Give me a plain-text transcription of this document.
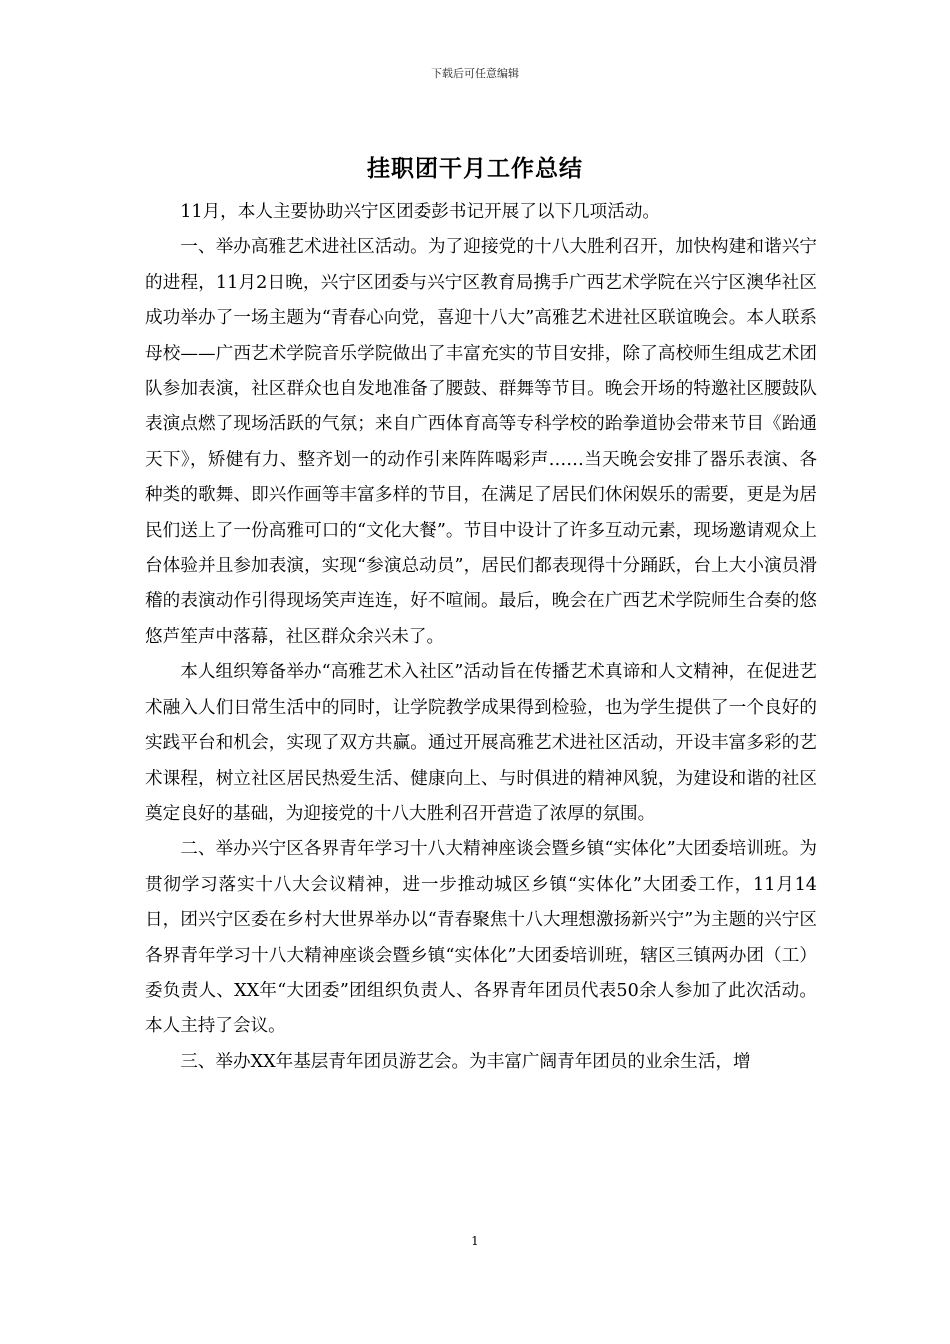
下载后可任意编辑
挂职团干月工作总结

11月，本人主要协助兴宁区团委彭书记开展了以下几项活动。

一、举办高雅艺术进社区活动。为了迎接党的十八大胜利召开，加快构建和谐兴宁的进程，11月2日晚，兴宁区团委与兴宁区教育局携手广西艺术学院在兴宁区澳华社区成功举办了一场主题为“青春心向党，喜迎十八大”高雅艺术进社区联谊晚会。本人联系母校——广西艺术学院音乐学院做出了丰富充实的节目安排，除了高校师生组成艺术团队参加表演，社区群众也自发地准备了腰鼓、群舞等节目。晚会开场的特邀社区腰鼓队表演点燃了现场活跃的气氛；来自广西体育高等专科学校的跆拳道协会带来节目《跆通天下》，矫健有力、整齐划一的动作引来阵阵喝彩声……当天晚会安排了器乐表演、各种类的歌舞、即兴作画等丰富多样的节目，在满足了居民们休闲娱乐的需要，更是为居民们送上了一份高雅可口的“文化大餐”。节目中设计了许多互动元素，现场邀请观众上台体验并且参加表演，实现“参演总动员”，居民们都表现得十分踊跃，台上大小演员滑稽的表演动作引得现场笑声连连，好不喧闹。最后，晚会在广西艺术学院师生合奏的悠悠芦笙声中落幕，社区群众余兴未了。

本人组织筹备举办“高雅艺术入社区”活动旨在传播艺术真谛和人文精神，在促进艺术融入人们日常生活中的同时，让学院教学成果得到检验，也为学生提供了一个良好的实践平台和机会，实现了双方共赢。通过开展高雅艺术进社区活动，开设丰富多彩的艺术课程，树立社区居民热爱生活、健康向上、与时俱进的精神风貌，为建设和谐的社区奠定良好的基础，为迎接党的十八大胜利召开营造了浓厚的氛围。

二、举办兴宁区各界青年学习十八大精神座谈会暨乡镇“实体化”大团委培训班。为贯彻学习落实十八大会议精神，进一步推动城区乡镇“实体化”大团委工作，11月14日，团兴宁区委在乡村大世界举办以“青春聚焦十八大理想激扬新兴宁”为主题的兴宁区各界青年学习十八大精神座谈会暨乡镇“实体化”大团委培训班，辖区三镇两办团（工）委负责人、XX年“大团委”团组织负责人、各界青年团员代表50余人参加了此次活动。本人主持了会议。

三、举办XX年基层青年团员游艺会。为丰富广阔青年团员的业余生活，增

1
